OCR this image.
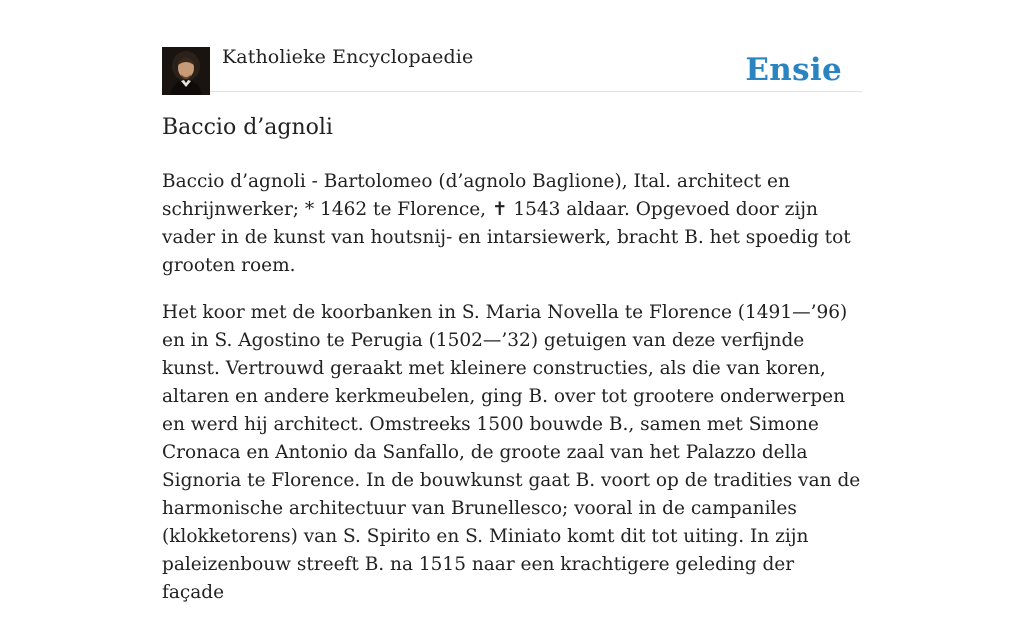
Katholieke Encyclopaedie	Ensie
Baccio d’agnoli

Baccio d’agnoli - Bartolomeo (d’agnolo Baglione), Ital. architect en schrijnwerker; * 1462 te Florence, ✝ 1543 aldaar. Opgevoed door zijn vader in de kunst van houtsnij- en intarsiewerk, bracht B. het spoedig tot grooten roem.

Het koor met de koorbanken in S. Maria Novella te Florence (1491—’96) en in S. Agostino te Perugia (1502—’32) getuigen van deze verfijnde kunst. Vertrouwd geraakt met kleinere constructies, als die van koren, altaren en andere kerkmeubelen, ging B. over tot grootere onderwerpen en werd hij architect. Omstreeks 1500 bouwde B., samen met Simone Cronaca en Antonio da Sanfallo, de groote zaal van het Palazzo della Signoria te Florence. In de bouwkunst gaat B. voort op de tradities van de harmonische architectuur van Brunellesco; vooral in de campaniles (klokketorens) van S. Spirito en S. Miniato komt dit tot uiting. In zijn paleizenbouw streeft B. na 1515 naar een krachtigere geleding der façade
